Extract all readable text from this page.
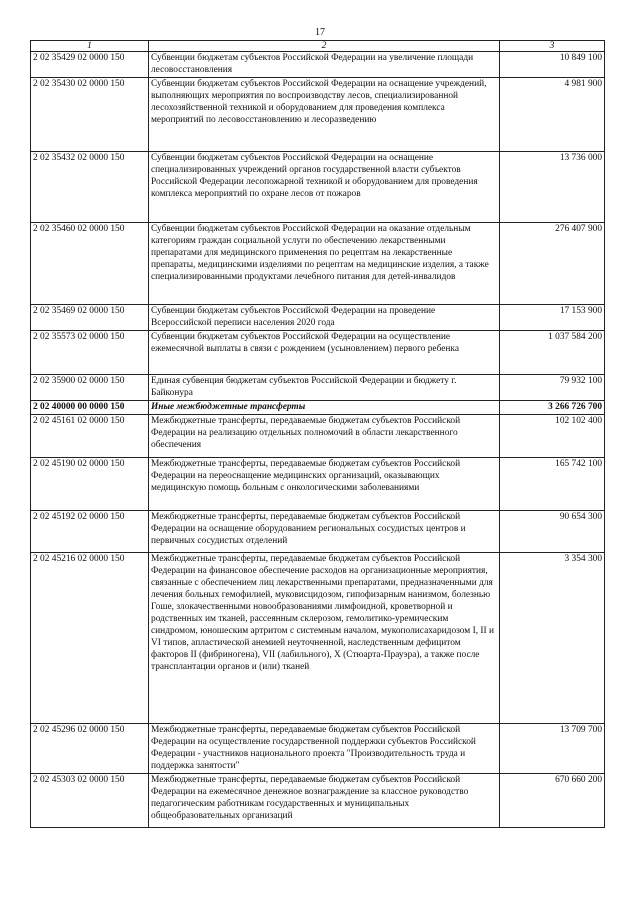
17
1	2	3
2 02 35429 02 0000 150	Субвенции бюджетам субъектов Российской Федерации на увеличение площади лесовосстановления	10 849 100
2 02 35430 02 0000 150	Субвенции бюджетам субъектов Российской Федерации на оснащение учреждений, выполняющих мероприятия по воспроизводству лесов, специализированной лесохозяйственной техникой и оборудованием для проведения комплекса мероприятий по лесовосстановлению и лесоразведению	4 981 900
2 02 35432 02 0000 150	Субвенции бюджетам субъектов Российской Федерации на оснащение специализированных учреждений органов государственной власти субъектов Российской Федерации лесопожарной техникой и оборудованием для проведения комплекса мероприятий по охране лесов от пожаров	13 736 000
2 02 35460 02 0000 150	Субвенции бюджетам субъектов Российской Федерации на оказание отдельным категориям граждан социальной услуги по обеспечению лекарственными препаратами для медицинского применения по рецептам на лекарственные препараты, медицинскими изделиями по рецептам на медицинские изделия, а также специализированными продуктами лечебного питания для детей-инвалидов	276 407 900
2 02 35469 02 0000 150	Субвенции бюджетам субъектов Российской Федерации на проведение Всероссийской переписи населения 2020 года	17 153 900
2 02 35573 02 0000 150	Субвенции бюджетам субъектов Российской Федерации на осуществление ежемесячной выплаты в связи с рождением (усыновлением) первого ребенка	1 037 584 200
2 02 35900 02 0000 150	Единая субвенция бюджетам субъектов Российской Федерации и бюджету г. Байконура	79 932 100
2 02 40000 00 0000 150	Иные межбюджетные трансферты	3 266 726 700
2 02 45161 02 0000 150	Межбюджетные трансферты, передаваемые бюджетам субъектов Российской Федерации на реализацию отдельных полномочий в области лекарственного обеспечения	102 102 400
2 02 45190 02 0000 150	Межбюджетные трансферты, передаваемые бюджетам субъектов Российской Федерации на переоснащение медицинских организаций, оказывающих медицинскую помощь больным с онкологическими заболеваниями	165 742 100
2 02 45192 02 0000 150	Межбюджетные трансферты, передаваемые бюджетам субъектов Российской Федерации на оснащение оборудованием региональных сосудистых центров и первичных сосудистых отделений	90 654 300
2 02 45216 02 0000 150	Межбюджетные трансферты, передаваемые бюджетам субъектов Российской Федерации на финансовое обеспечение расходов на организационные мероприятия, связанные с обеспечением лиц лекарственными препаратами, предназначенными для лечения больных гемофилией, муковисцидозом, гипофизарным нанизмом, болезнью Гоше, злокачественными новообразованиями лимфоидной, кроветворной и родственных им тканей, рассеянным склерозом, гемолитико-уремическим синдромом, юношеским артритом с системным началом, мукополисахаридозом I, II и VI типов, апластической анемией неуточненной, наследственным дефицитом факторов II (фибриногена), VII (лабильного), X (Стюарта-Прауэра), а также после трансплантации органов и (или) тканей	3 354 300
2 02 45296 02 0000 150	Межбюджетные трансферты, передаваемые бюджетам субъектов Российской Федерации на осуществление государственной поддержки субъектов Российской Федерации - участников национального проекта "Производительность труда и поддержка занятости"	13 709 700
2 02 45303 02 0000 150	Межбюджетные трансферты, передаваемые бюджетам субъектов Российской Федерации на ежемесячное денежное вознаграждение за классное руководство педагогическим работникам государственных и муниципальных общеобразовательных организаций	670 660 200
